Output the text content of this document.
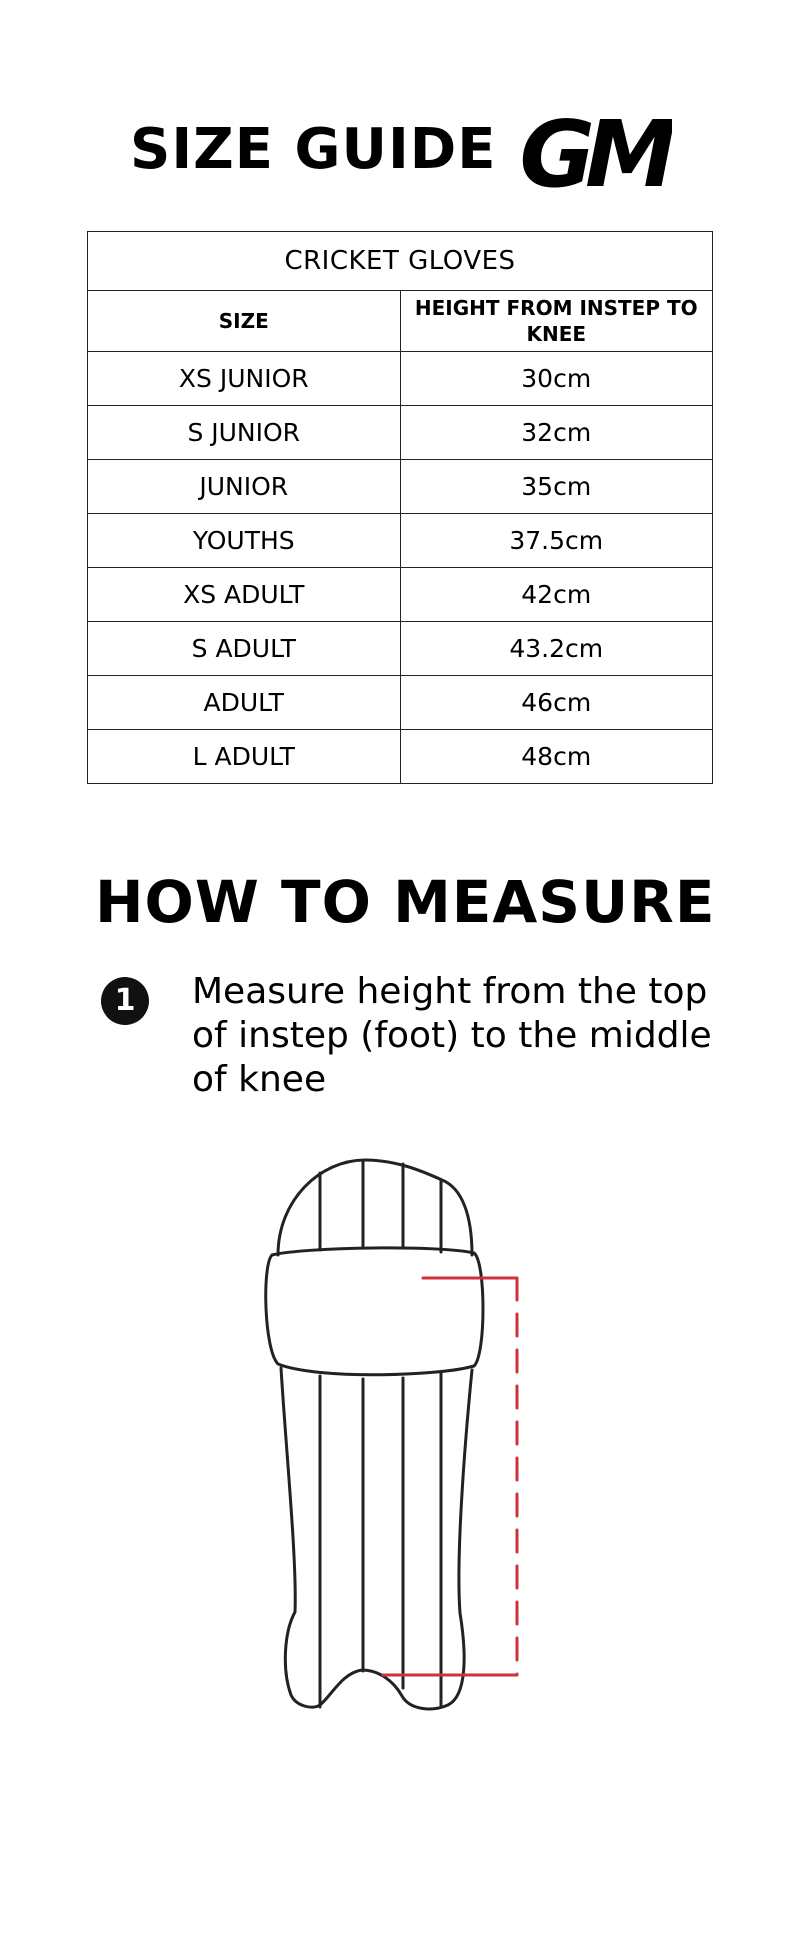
SIZE GUIDE GM
CRICKET GLOVES	
SIZE	HEIGHT FROM INSTEP TO KNEE
XS JUNIOR	30cm
S JUNIOR	32cm
JUNIOR	35cm
YOUTHS	37.5cm
XS ADULT	42cm
S ADULT	43.2cm
ADULT	46cm
L ADULT	48cm
HOW TO MEASURE
1	Measure height from the top of instep (foot) to the middle of knee
